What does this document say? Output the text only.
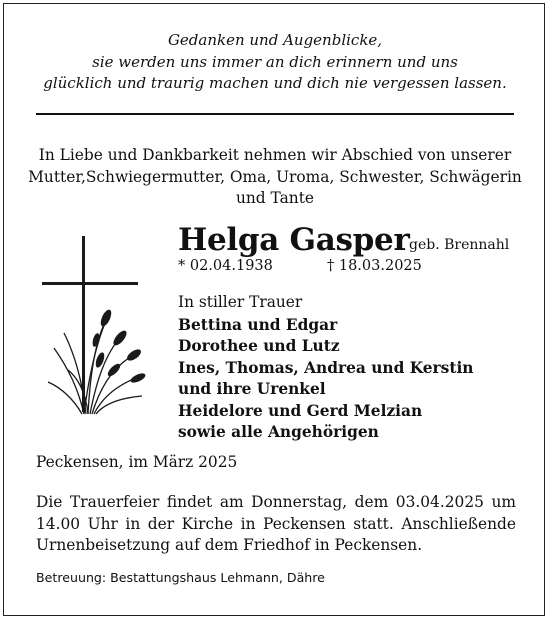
Gedanken und Augenblicke,
sie werden uns immer an dich erinnern und uns
glücklich und traurig machen und dich nie vergessen lassen.
In Liebe und Dankbarkeit nehmen wir Abschied von unserer
Mutter,Schwiegermutter, Oma, Uroma, Schwester, Schwägerin
und Tante
Helga Gasper geb. Brennahl
* 02.04.1938	† 18.03.2025
In stiller Trauer
Bettina und Edgar
Dorothee und Lutz
Ines, Thomas, Andrea und Kerstin
und ihre Urenkel
Heidelore und Gerd Melzian
sowie alle Angehörigen
Peckensen, im März 2025
Die Trauerfeier findet am Donnerstag, dem 03.04.2025 um
14.00 Uhr in der Kirche in Peckensen statt. Anschließende
Urnenbeisetzung auf dem Friedhof in Peckensen.
Betreuung: Bestattungshaus Lehmann, Dähre
